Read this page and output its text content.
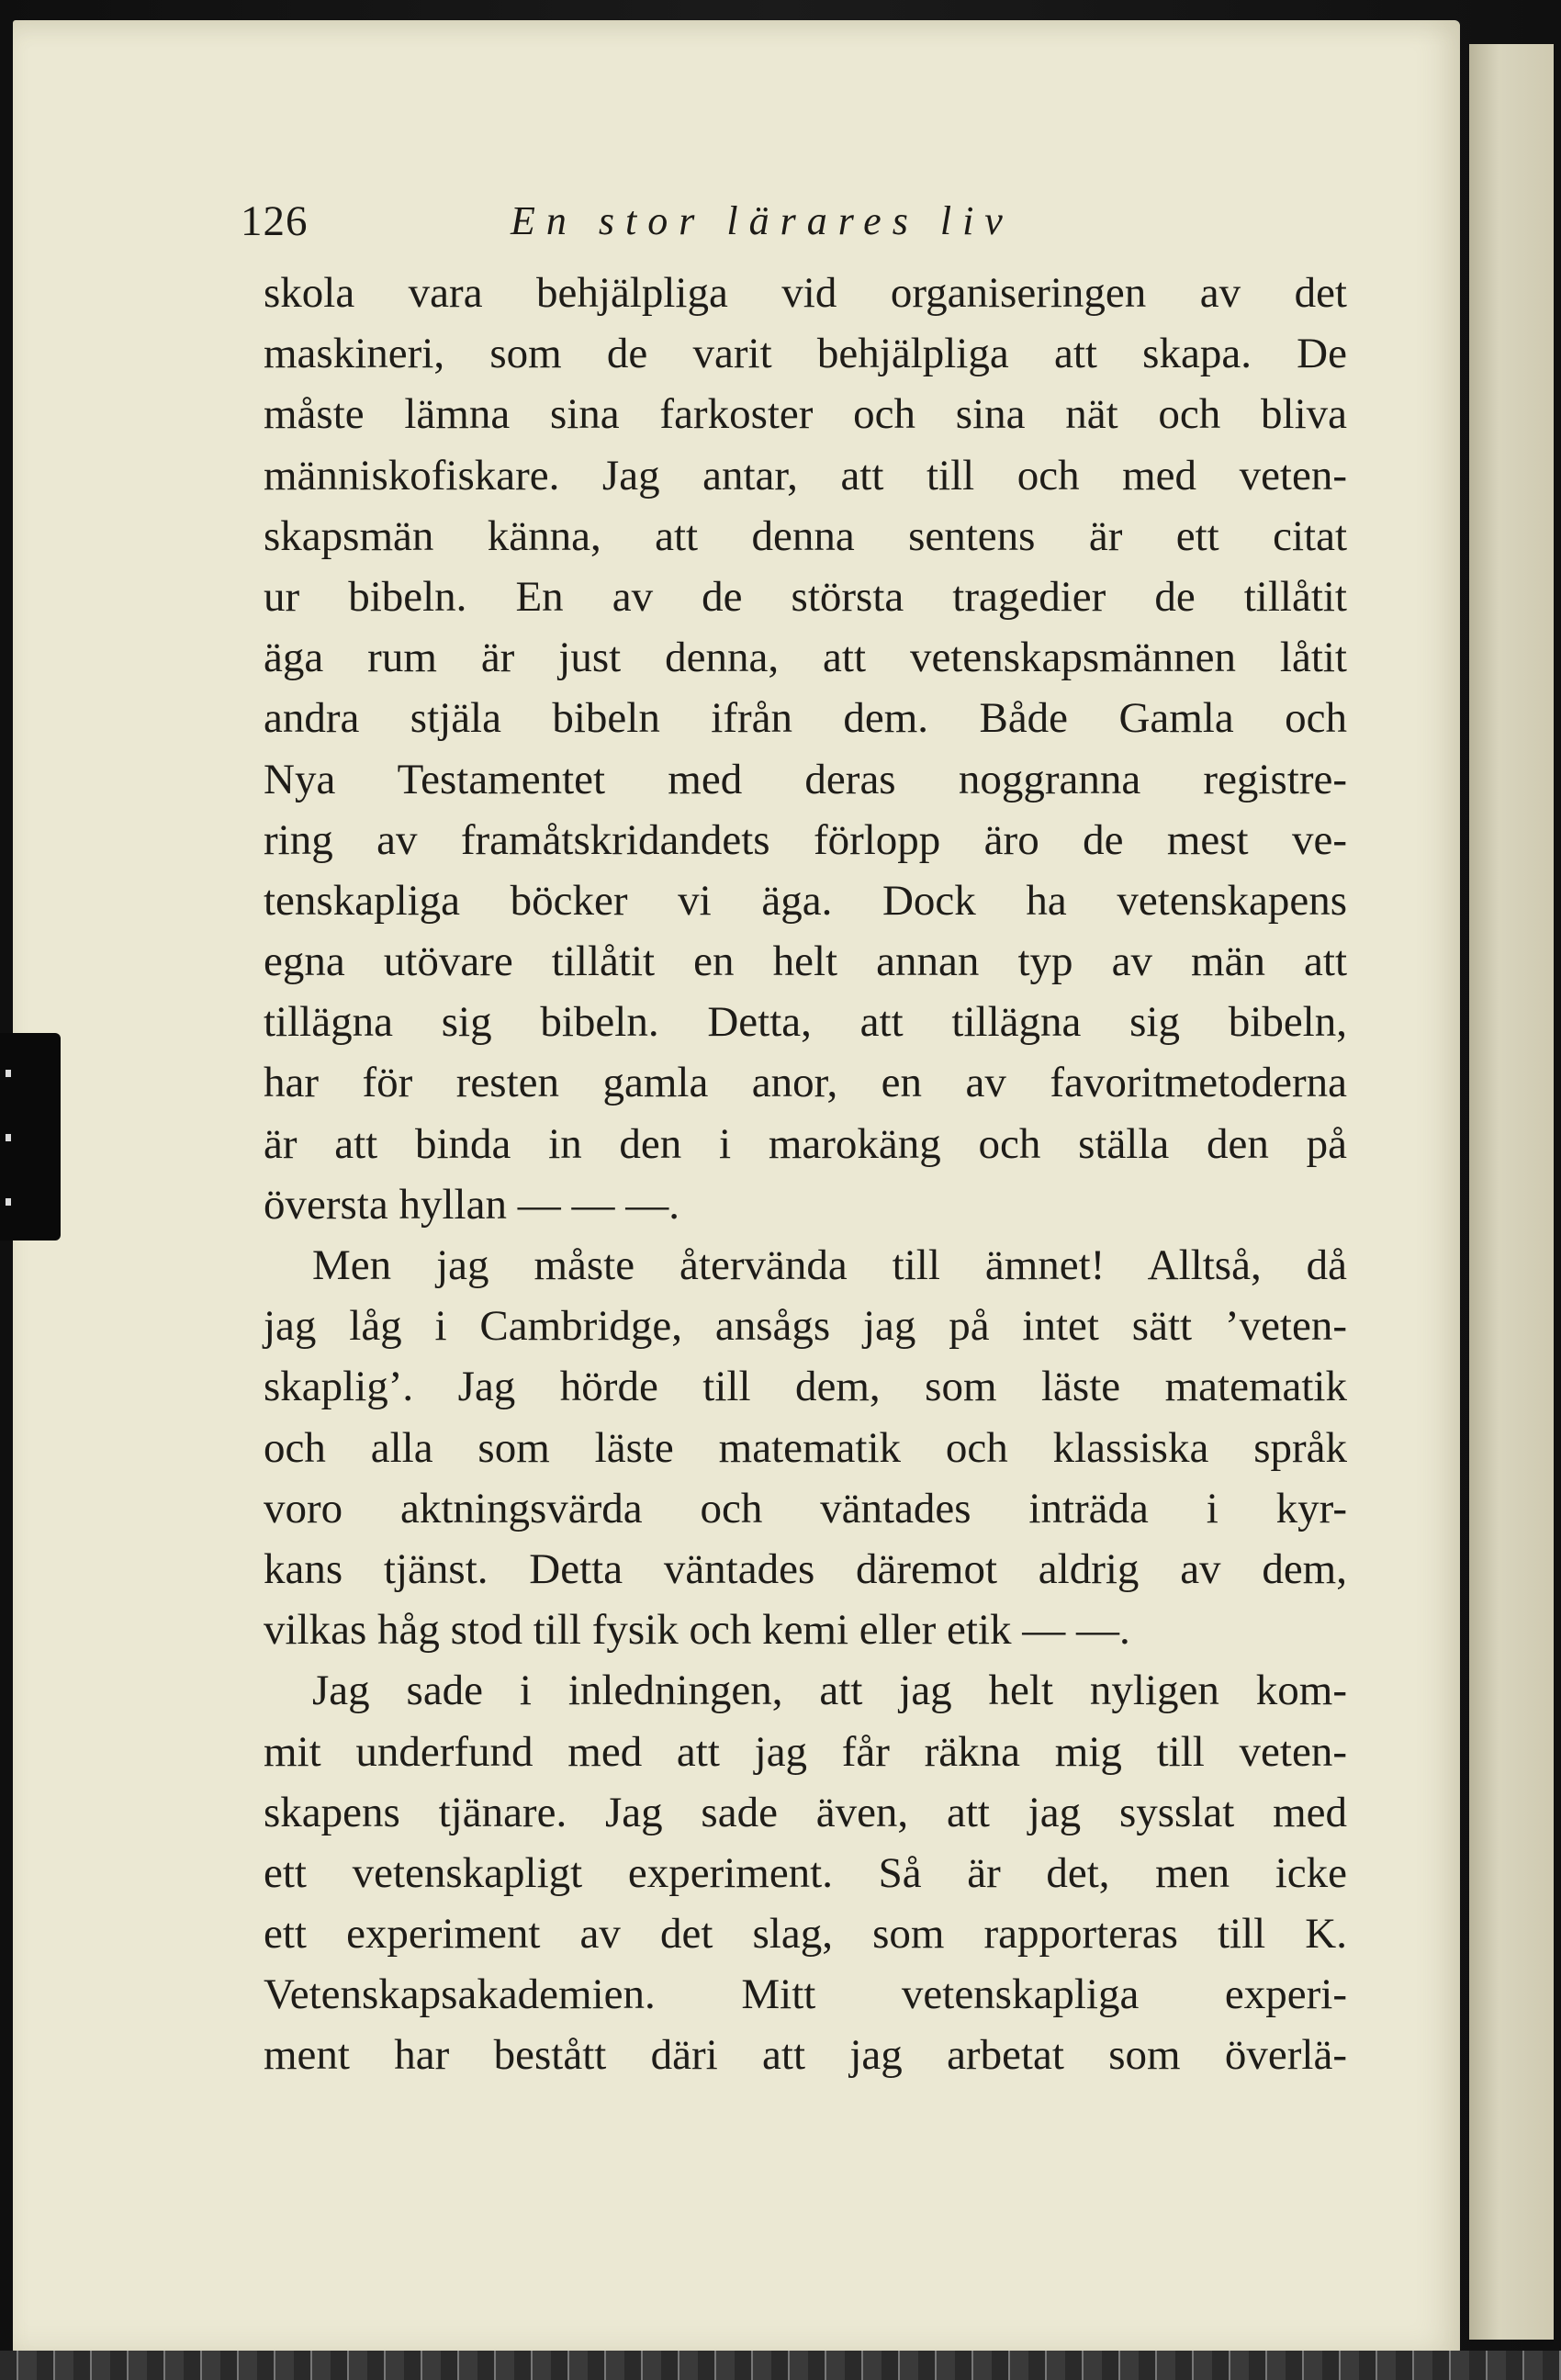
126	En stor lärares liv
skola vara behjälpliga vid organiseringen av det
maskineri, som de varit behjälpliga att skapa. De
måste lämna sina farkoster och sina nät och bliva
människofiskare. Jag antar, att till och med veten-
skapsmän känna, att denna sentens är ett citat
ur bibeln. En av de största tragedier de tillåtit
äga rum är just denna, att vetenskapsmännen låtit
andra stjäla bibeln ifrån dem. Både Gamla och
Nya Testamentet med deras noggranna registre-
ring av framåtskridandets förlopp äro de mest ve-
tenskapliga böcker vi äga. Dock ha vetenskapens
egna utövare tillåtit en helt annan typ av män att
tillägna sig bibeln. Detta, att tillägna sig bibeln,
har för resten gamla anor, en av favoritmetoderna
är att binda in den i marokäng och ställa den på
översta hyllan — — —.
Men jag måste återvända till ämnet! Alltså, då
jag låg i Cambridge, ansågs jag på intet sätt ’veten-
skaplig’. Jag hörde till dem, som läste matematik
och alla som läste matematik och klassiska språk
voro aktningsvärda och väntades inträda i kyr-
kans tjänst. Detta väntades däremot aldrig av dem,
vilkas håg stod till fysik och kemi eller etik — —.
Jag sade i inledningen, att jag helt nyligen kom-
mit underfund med att jag får räkna mig till veten-
skapens tjänare. Jag sade även, att jag sysslat med
ett vetenskapligt experiment. Så är det, men icke
ett experiment av det slag, som rapporteras till K.
Vetenskapsakademien. Mitt vetenskapliga experi-
ment har bestått däri att jag arbetat som överlä-
